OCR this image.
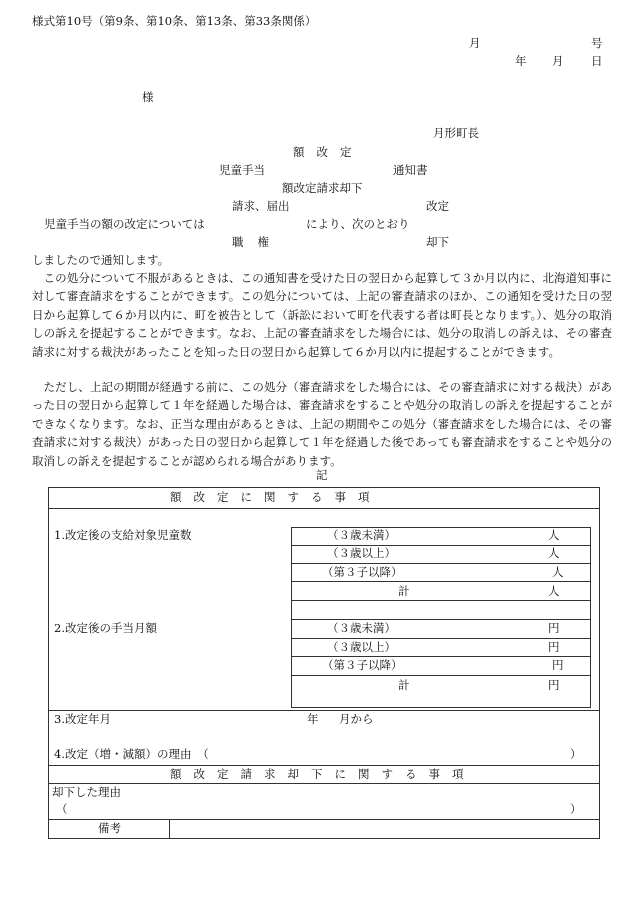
様式第10号（第9条、第10条、第13条、第33条関係）
月	号
年 月 日
様
月形町長
額改定
児童手当	通知書
額改定請求却下
請求、届出	改定
児童手当の額の改定については	により、次のとおり
職権	却下
しましたので通知します。
この処分について不服があるときは、この通知書を受けた日の翌日から起算して３か月以内に、北海道知事に対して審査請求をすることができます。この処分については、上記の審査請求のほか、この通知を受けた日の翌日から起算して６か月以内に、町を被告として（訴訟において町を代表する者は町長となります。）、処分の取消しの訴えを提起することができます。なお、上記の審査請求をした場合には、処分の取消しの訴えは、その審査請求に対する裁決があったことを知った日の翌日から起算して６か月以内に提起することができます。
ただし、上記の期間が経過する前に、この処分（審査請求をした場合には、その審査請求に対する裁決）があった日の翌日から起算して１年を経過した場合は、審査請求をすることや処分の取消しの訴えを提起することができなくなります。なお、正当な理由があるときは、上記の期間やこの処分（審査請求をした場合には、その審査請求に対する裁決）があった日の翌日から起算して１年を経過した後であっても審査請求をすることや処分の取消しの訴えを提起することが認められる場合があります。
記
額改定に関する事項
1.改定後の支給対象児童数	（３歳未満）	人
（３歳以上）	人
（第３子以降）	人
計	人
2.改定後の手当月額	（３歳未満）	円
（３歳以上）	円
（第３子以降）	円
計	円
3.改定年月	年 月から
4.改定（増・減額）の理由　（	）
額改定請求却下に関する事項
却下した理由
（	）
備考
